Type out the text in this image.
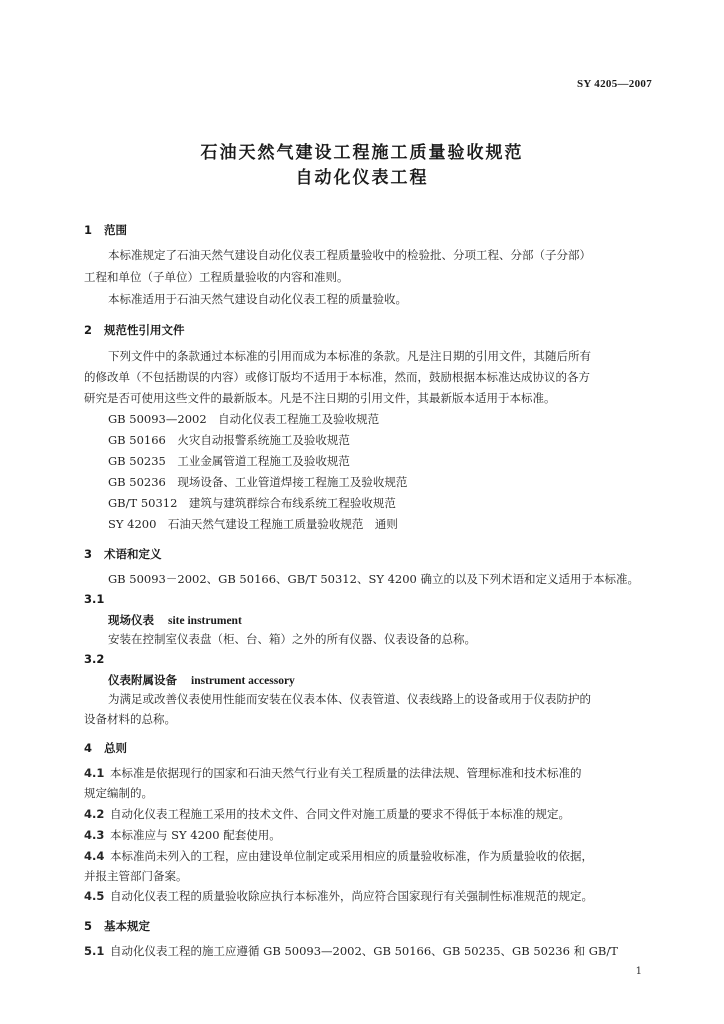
SY 4205—2007
石油天然气建设工程施工质量验收规范
自动化仪表工程
1 范围
本标准规定了石油天然气建设自动化仪表工程质量验收中的检验批、分项工程、分部（子分部）
工程和单位（子单位）工程质量验收的内容和准则。
本标准适用于石油天然气建设自动化仪表工程的质量验收。
2 规范性引用文件
下列文件中的条款通过本标准的引用而成为本标准的条款。凡是注日期的引用文件，其随后所有
的修改单（不包括勘误的内容）或修订版均不适用于本标准，然而，鼓励根据本标准达成协议的各方
研究是否可使用这些文件的最新版本。凡是不注日期的引用文件，其最新版本适用于本标准。
GB 50093—2002　自动化仪表工程施工及验收规范
GB 50166　火灾自动报警系统施工及验收规范
GB 50235　工业金属管道工程施工及验收规范
GB 50236　现场设备、工业管道焊接工程施工及验收规范
GB/T 50312　建筑与建筑群综合布线系统工程验收规范
SY 4200　石油天然气建设工程施工质量验收规范　通则
3 术语和定义
GB 50093－2002、GB 50166、GB/T 50312、SY 4200 确立的以及下列术语和定义适用于本标准。
3.1
现场仪表 site instrument
安装在控制室仪表盘（柜、台、箱）之外的所有仪器、仪表设备的总称。
3.2
仪表附属设备 instrument accessory
为满足或改善仪表使用性能而安装在仪表本体、仪表管道、仪表线路上的设备或用于仪表防护的
设备材料的总称。
4 总则
4.1 本标准是依据现行的国家和石油天然气行业有关工程质量的法律法规、管理标准和技术标准的
规定编制的。
4.2 自动化仪表工程施工采用的技术文件、合同文件对施工质量的要求不得低于本标准的规定。
4.3 本标准应与 SY 4200 配套使用。
4.4 本标准尚未列入的工程，应由建设单位制定或采用相应的质量验收标准，作为质量验收的依据，
并报主管部门备案。
4.5 自动化仪表工程的质量验收除应执行本标准外，尚应符合国家现行有关强制性标准规范的规定。
5 基本规定
5.1 自动化仪表工程的施工应遵循 GB 50093—2002、GB 50166、GB 50235、GB 50236 和 GB/T
1
